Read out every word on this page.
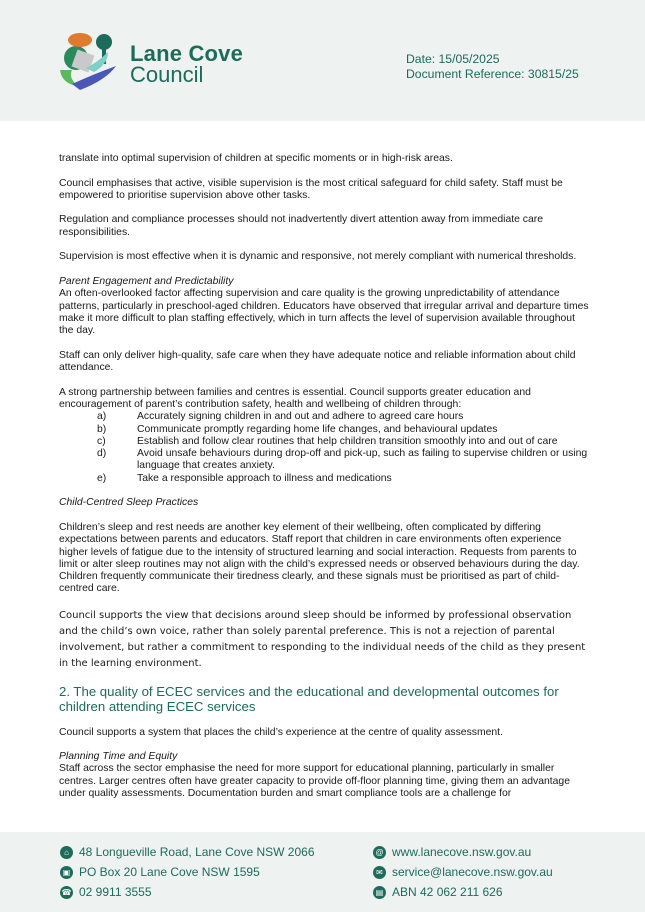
Lane Cove
Council
Date: 15/05/2025
Document Reference: 30815/25

translate into optimal supervision of children at specific moments or in high-risk areas.

Council emphasises that active, visible supervision is the most critical safeguard for child safety. Staff must be empowered to prioritise supervision above other tasks.

Regulation and compliance processes should not inadvertently divert attention away from immediate care responsibilities.

Supervision is most effective when it is dynamic and responsive, not merely compliant with numerical thresholds.

Parent Engagement and Predictability

An often-overlooked factor affecting supervision and care quality is the growing unpredictability of attendance patterns, particularly in preschool-aged children. Educators have observed that irregular arrival and departure times make it more difficult to plan staffing effectively, which in turn affects the level of supervision available throughout the day.

Staff can only deliver high-quality, safe care when they have adequate notice and reliable information about child attendance.

A strong partnership between families and centres is essential. Council supports greater education and encouragement of parent’s contribution safety, health and wellbeing of children through:

a)	Accurately signing children in and out and adhere to agreed care hours
b)	Communicate promptly regarding home life changes, and behavioural updates
c)	Establish and follow clear routines that help children transition smoothly into and out of care
d)	Avoid unsafe behaviours during drop-off and pick-up, such as failing to supervise children or using language that creates anxiety.
e)	Take a responsible approach to illness and medications

Child-Centred Sleep Practices

Children’s sleep and rest needs are another key element of their wellbeing, often complicated by differing expectations between parents and educators. Staff report that children in care environments often experience higher levels of fatigue due to the intensity of structured learning and social interaction. Requests from parents to limit or alter sleep routines may not align with the child’s expressed needs or observed behaviours during the day. Children frequently communicate their tiredness clearly, and these signals must be prioritised as part of child-centred care.

Council supports the view that decisions around sleep should be informed by professional observation and the child’s own voice, rather than solely parental preference. This is not a rejection of parental involvement, but rather a commitment to responding to the individual needs of the child as they present in the learning environment.

2. The quality of ECEC services and the educational and developmental outcomes for children attending ECEC services

Council supports a system that places the child’s experience at the centre of quality assessment.

Planning Time and Equity

Staff across the sector emphasise the need for more support for educational planning, particularly in smaller centres. Larger centres often have greater capacity to provide off-floor planning time, giving them an advantage under quality assessments. Documentation burden and smart compliance tools are a challenge for

⌂ 48 Longueville Road, Lane Cove NSW 2066
▣ PO Box 20 Lane Cove NSW 1595
☎ 02 9911 3555
@ www.lanecove.nsw.gov.au
✉ service@lanecove.nsw.gov.au
▤ ABN 42 062 211 626
